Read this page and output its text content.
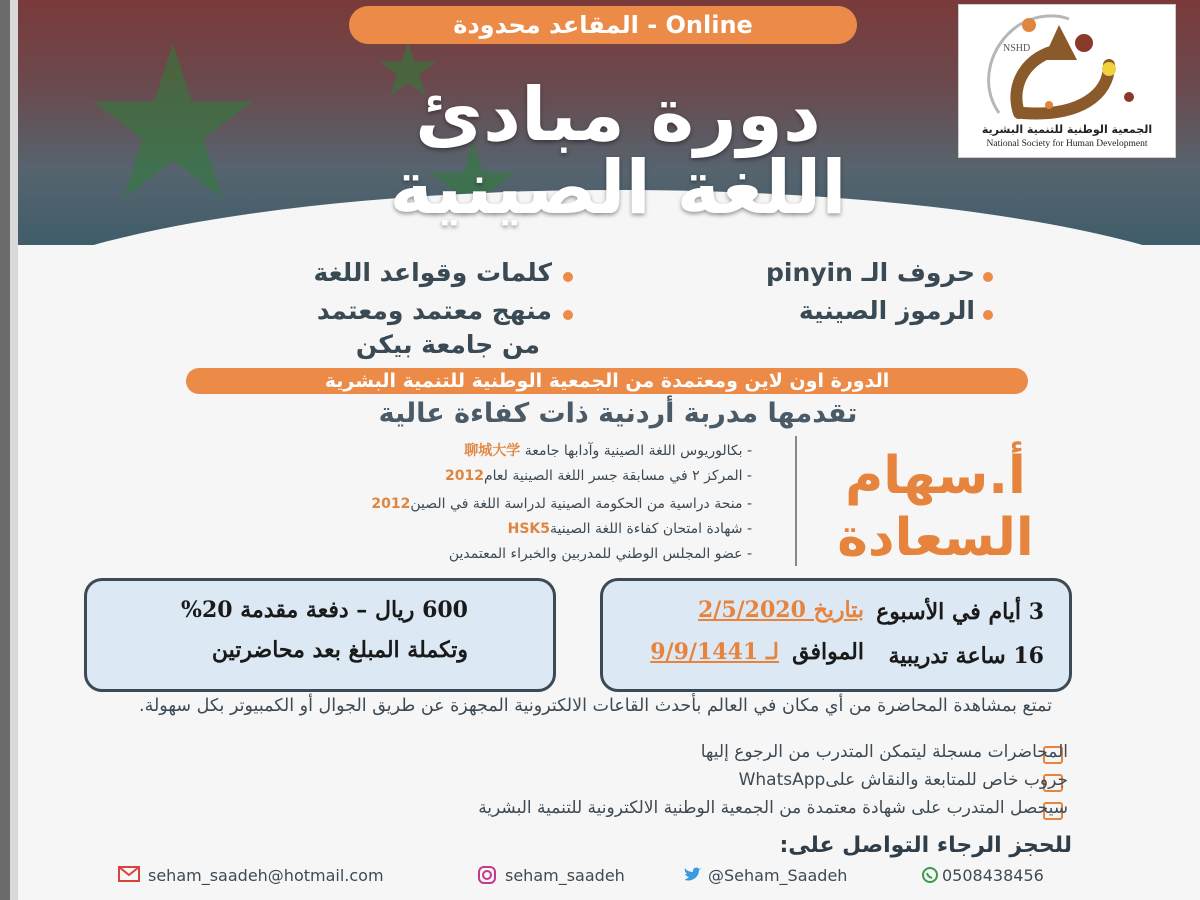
Online - المقاعد محدودة
دورة مبادئ
اللغة الصينية
NSHD
الجمعية الوطنية للتنمية البشرية
National Society for Human Development
حروف الـ pinyin
الرموز الصينية
كلمات وقواعد اللغة
منهج معتمد ومعتمد
من جامعة بيكن
الدورة اون لاين ومعتمدة من الجمعية الوطنية للتنمية البشرية
تقدمها مدربة أردنية ذات كفاءة عالية
- بكالوريوس اللغة الصينية وآدابها جامعة 聊城大学
- المركز ٢ في مسابقة جسر اللغة الصينية لعام2012
- منحة دراسية من الحكومة الصينية لدراسة اللغة في الصين2012
- شهادة امتحان كفاءة اللغة الصينيةHSK5
- عضو المجلس الوطني للمدربين والخبراء المعتمدين
أ.سهام
السعادة
3 أيام في الأسبوع
16 ساعة تدريبية
بتاريخ 2/5/2020
الموافق
لـ 9/9/1441
600 ريال – دفعة مقدمة 20%
وتكملة المبلغ بعد محاضرتين
تمتع بمشاهدة المحاضرة من أي مكان في العالم بأحدث القاعات الالكترونية المجهزة عن طريق الجوال أو الكمبيوتر بكل سهولة.
المحاضرات مسجلة ليتمكن المتدرب من الرجوع إليها
جروب خاص للمتابعة والنقاش علىWhatsApp
سيحصل المتدرب على شهادة معتمدة من الجمعية الوطنية الالكترونية للتنمية البشرية
للحجز الرجاء التواصل على:
0508438456
@Seham_Saadeh
seham_saadeh
seham_saadeh@hotmail.com
